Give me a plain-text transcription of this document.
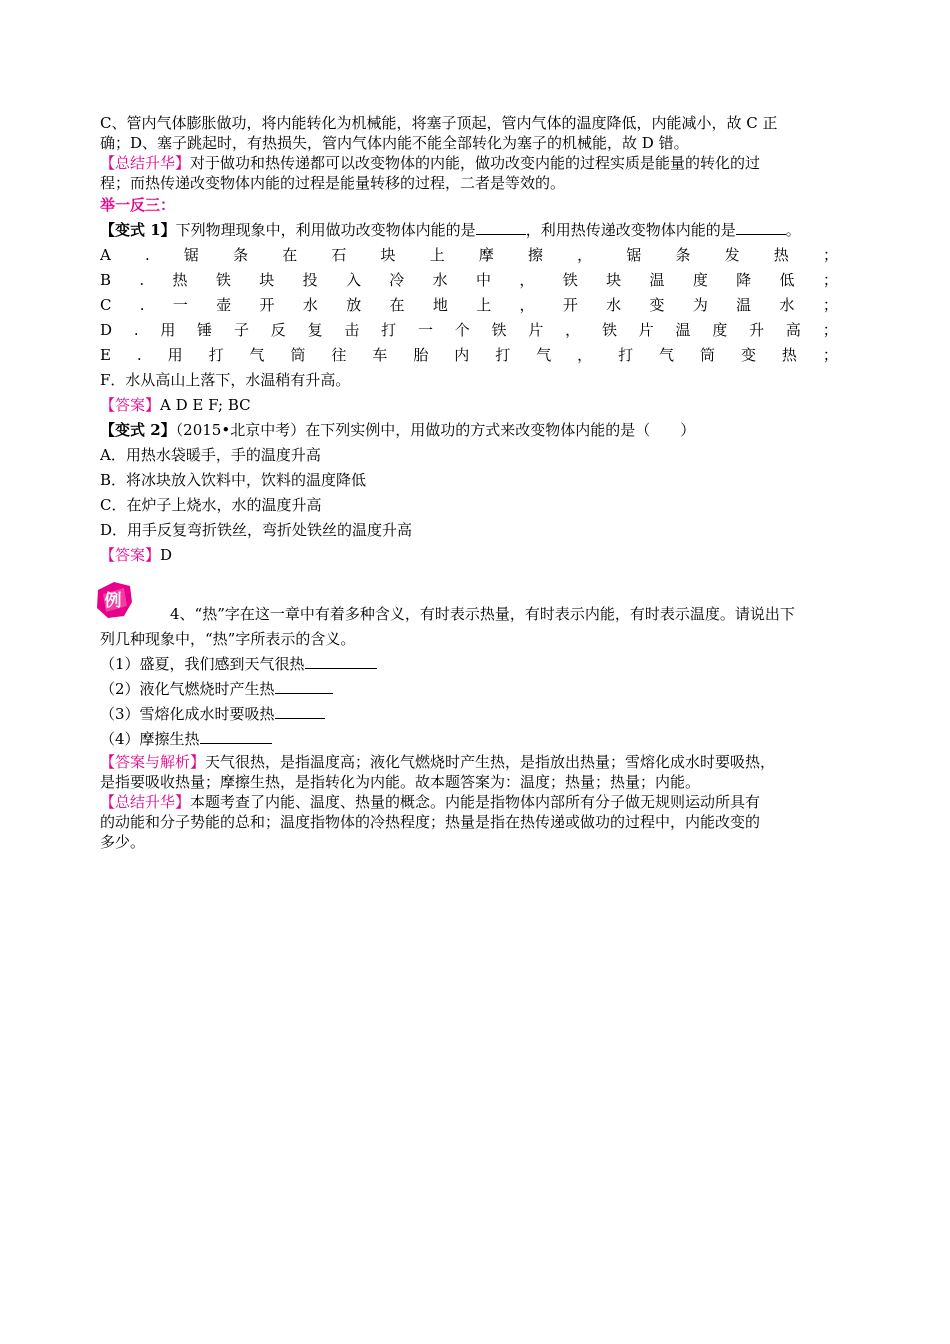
C、管内气体膨胀做功，将内能转化为机械能，将塞子顶起，管内气体的温度降低，内能减小，故 C 正

确；D、塞子跳起时，有热损失，管内气体内能不能全部转化为塞子的机械能，故 D 错。

【总结升华】对于做功和热传递都可以改变物体的内能，做功改变内能的过程实质是能量的转化的过

程；而热传递改变物体内能的过程是能量转移的过程，二者是等效的。

举一反三：

【变式 1】下列物理现象中，利用做功改变物体内能的是	，利用热传递改变物体内能的是	。

A . 锯 条 在 石 块 上 摩 擦 ， 锯 条 发 热 ；
B . 热 铁 块 投 入 冷 水 中 ， 铁 块 温 度 降 低 ；
C . 一 壶 开 水 放 在 地 上 ， 开 水 变 为 温 水 ；
D . 用 锤 子 反 复 击 打 一 个 铁 片 ， 铁 片 温 度 升 高 ；
E . 用 打 气 筒 往 车 胎 内 打 气 ， 打 气 筒 变 热 ；

F．水从高山上落下，水温稍有升高。

【答案】A D E F; BC

【变式 2】（2015•北京中考）在下列实例中，用做功的方式来改变物体内能的是（　　）

A．用热水袋暖手，手的温度升高

B．将冰块放入饮料中，饮料的温度降低

C．在炉子上烧水，水的温度升高

D．用手反复弯折铁丝，弯折处铁丝的温度升高

【答案】D

例

4、“热”字在这一章中有着多种含义，有时表示热量，有时表示内能，有时表示温度。请说出下

列几种现象中，“热”字所表示的含义。

（1）盛夏，我们感到天气很热

（2）液化气燃烧时产生热

（3）雪熔化成水时要吸热

（4）摩擦生热

【答案与解析】天气很热，是指温度高；液化气燃烧时产生热，是指放出热量；雪熔化成水时要吸热，

是指要吸收热量；摩擦生热，是指转化为内能。故本题答案为：温度；热量；热量；内能。

【总结升华】本题考查了内能、温度、热量的概念。内能是指物体内部所有分子做无规则运动所具有

的动能和分子势能的总和；温度指物体的冷热程度；热量是指在热传递或做功的过程中，内能改变的

多少。
